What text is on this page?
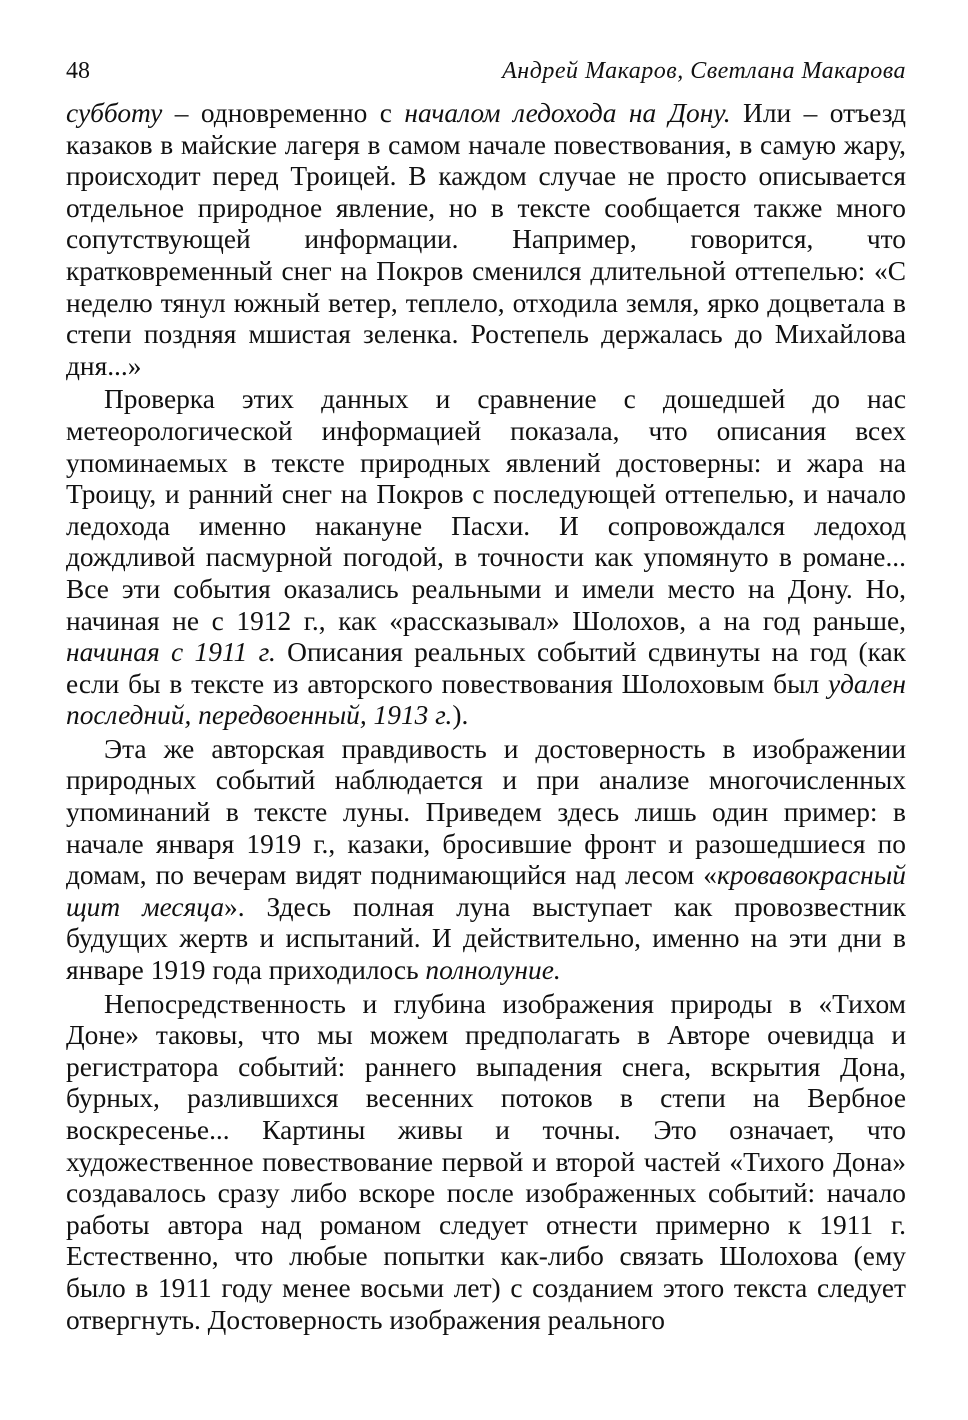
48	Андрей Макаров, Светлана Макарова

субботу – одновременно с началом ледохода на Дону. Или – отъезд казаков в майские лагеря в самом начале повествования, в самую жару, происходит перед Троицей. В каждом случае не просто описывается отдельное природное явление, но в тексте сообщается также много сопутствующей информации. Например, говорится, что кратковременный снег на Покров сменился длительной оттепелью: «С неделю тянул южный ветер, теплело, отходила земля, ярко доцветала в степи поздняя мшистая зеленка. Ростепель держалась до Михайлова дня...»

Проверка этих данных и сравнение с дошедшей до нас метеорологической информацией показала, что описания всех упоминаемых в тексте природных явлений достоверны: и жара на Троицу, и ранний снег на Покров с последующей оттепелью, и начало ледохода именно накануне Пасхи. И сопровождался ледоход дождливой пасмурной погодой, в точности как упомянуто в романе... Все эти события оказались реальными и имели место на Дону. Но, начиная не с 1912 г., как «рассказывал» Шолохов, а на год раньше, начиная с 1911 г. Описания реальных событий сдвинуты на год (как если бы в тексте из авторского повествования Шолоховым был удален последний, передвоенный, 1913 г.).

Эта же авторская правдивость и достоверность в изображении природных событий наблюдается и при анализе многочисленных упоминаний в тексте луны. Приведем здесь лишь один пример: в начале января 1919 г., казаки, бросившие фронт и разошедшиеся по домам, по вечерам видят поднимающийся над лесом «кровавокрасный щит месяца». Здесь полная луна выступает как провозвестник будущих жертв и испытаний. И действительно, именно на эти дни в январе 1919 года приходилось полнолуние.

Непосредственность и глубина изображения природы в «Тихом Доне» таковы, что мы можем предполагать в Авторе очевидца и регистратора событий: раннего выпадения снега, вскрытия Дона, бурных, разлившихся весенних потоков в степи на Вербное воскресенье... Картины живы и точны. Это означает, что художественное повествование первой и второй частей «Тихого Дона» создавалось сразу либо вскоре после изображенных событий: начало работы автора над романом следует отнести примерно к 1911 г. Естественно, что любые попытки как-либо связать Шолохова (ему было в 1911 году менее восьми лет) с созданием этого текста следует отвергнуть. Достоверность изображения реального
